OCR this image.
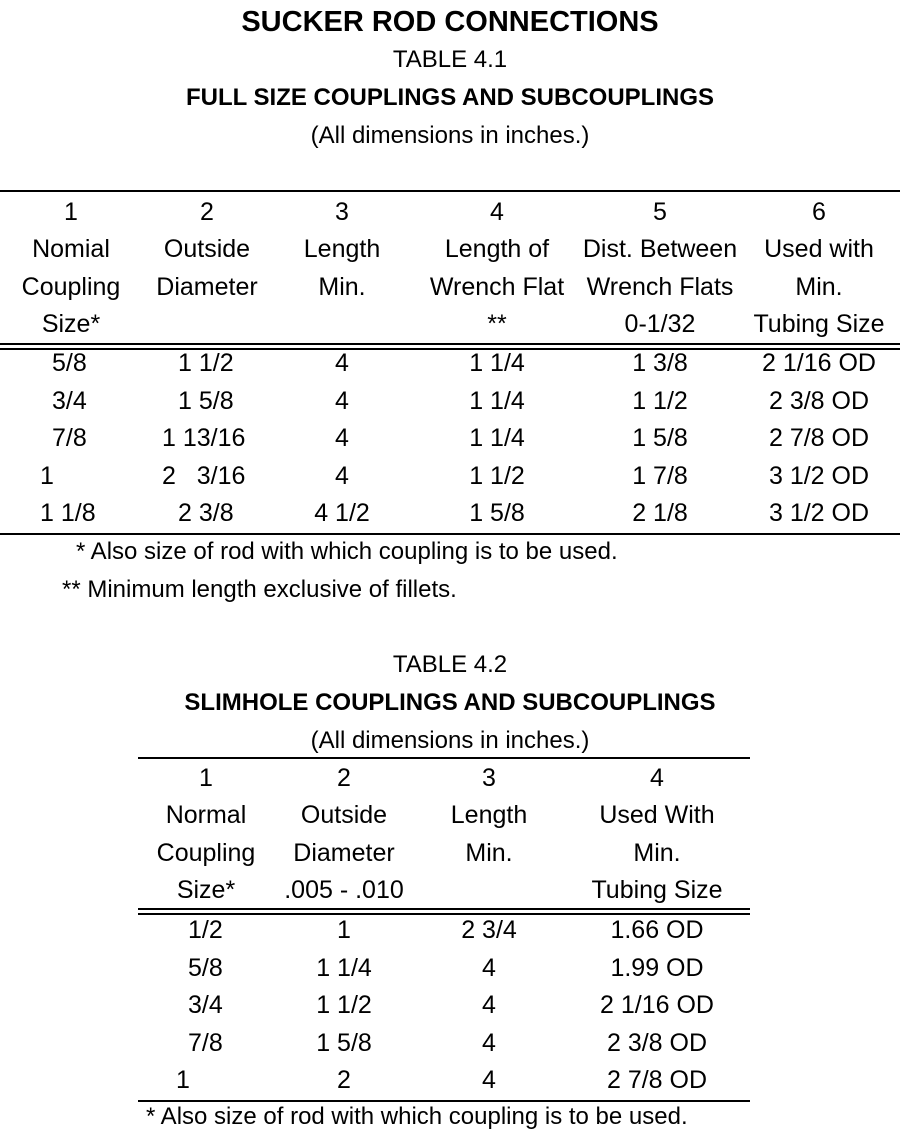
SUCKER ROD CONNECTIONS
TABLE 4.1
FULL SIZE COUPLINGS AND SUBCOUPLINGS
(All dimensions in inches.)
1	2	3	4	5	6
Nomial	Outside	Length	Length of	Dist. Between	Used with
Coupling	Diameter	Min.	Wrench Flat	Wrench Flats	Min.
Size*			**	0-1/32	Tubing Size
5/8	1 1/2	4	1 1/4	1 3/8	2 1/16 OD
3/4	1 5/8	4	1 1/4	1 1/2	2 3/8 OD
7/8	1 13/16	4	1 1/4	1 5/8	2 7/8 OD
1	2   3/16	4	1 1/2	1 7/8	3 1/2 OD
1 1/8	2 3/8	4 1/2	1 5/8	2 1/8	3 1/2 OD
* Also size of rod with which coupling is to be used.
** Minimum length exclusive of fillets.
TABLE 4.2
SLIMHOLE COUPLINGS AND SUBCOUPLINGS
(All dimensions in inches.)
1	2	3	4
Normal	Outside	Length	Used With
Coupling	Diameter	Min.	Min.
Size*	.005 - .010		Tubing Size
1/2	1	2 3/4	1.66 OD
5/8	1 1/4	4	1.99 OD
3/4	1 1/2	4	2 1/16 OD
7/8	1 5/8	4	2 3/8 OD
1	2	4	2 7/8 OD
* Also size of rod with which coupling is to be used.
